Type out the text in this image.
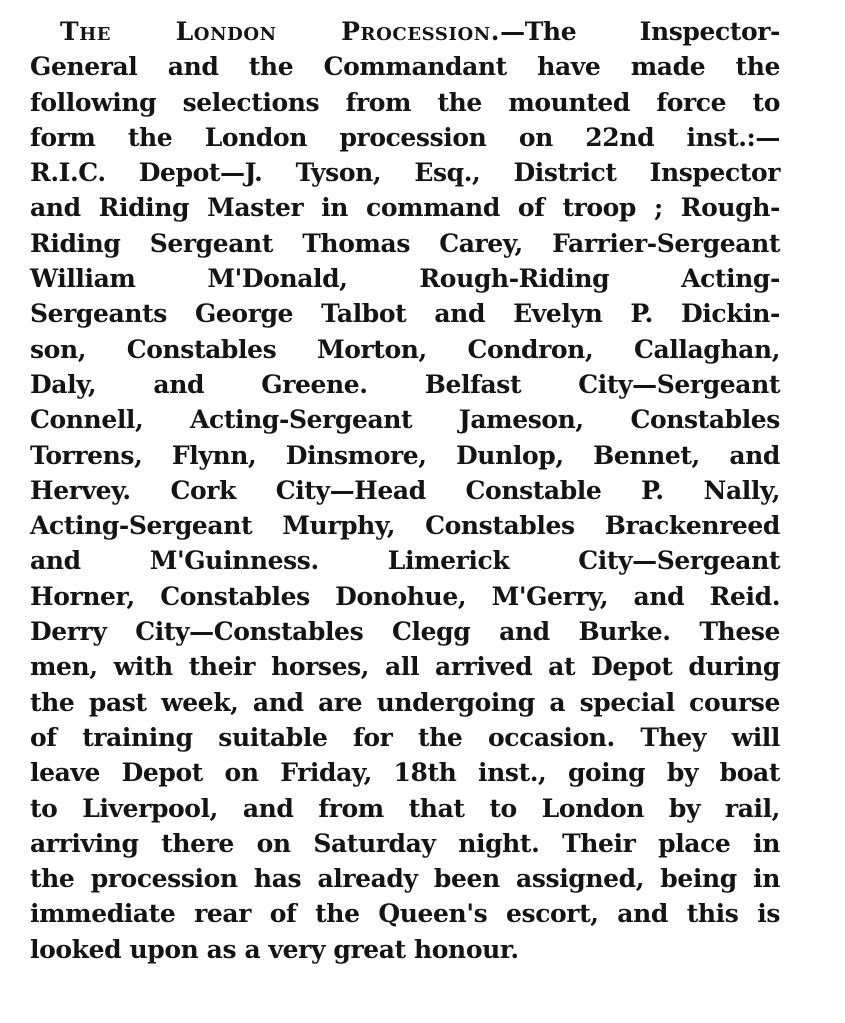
The London Procession.—The Inspector-
General and the Commandant have made the
following selections from the mounted force to
form the London procession on 22nd inst.:—
R.I.C. Depot—J. Tyson, Esq., District Inspector
and Riding Master in command of troop ; Rough-
Riding Sergeant Thomas Carey, Farrier-Sergeant
William M'Donald, Rough-Riding Acting-
Sergeants George Talbot and Evelyn P. Dickin-
son, Constables Morton, Condron, Callaghan,
Daly, and Greene. Belfast City—Sergeant
Connell, Acting-Sergeant Jameson, Constables
Torrens, Flynn, Dinsmore, Dunlop, Bennet, and
Hervey. Cork City—Head Constable P. Nally,
Acting-Sergeant Murphy, Constables Brackenreed
and M'Guinness. Limerick City—Sergeant
Horner, Constables Donohue, M'Gerry, and Reid.
Derry City—Constables Clegg and Burke. These
men, with their horses, all arrived at Depot during
the past week, and are undergoing a special course
of training suitable for the occasion. They will
leave Depot on Friday, 18th inst., going by boat
to Liverpool, and from that to London by rail,
arriving there on Saturday night. Their place in
the procession has already been assigned, being in
immediate rear of the Queen's escort, and this is
looked upon as a very great honour.
